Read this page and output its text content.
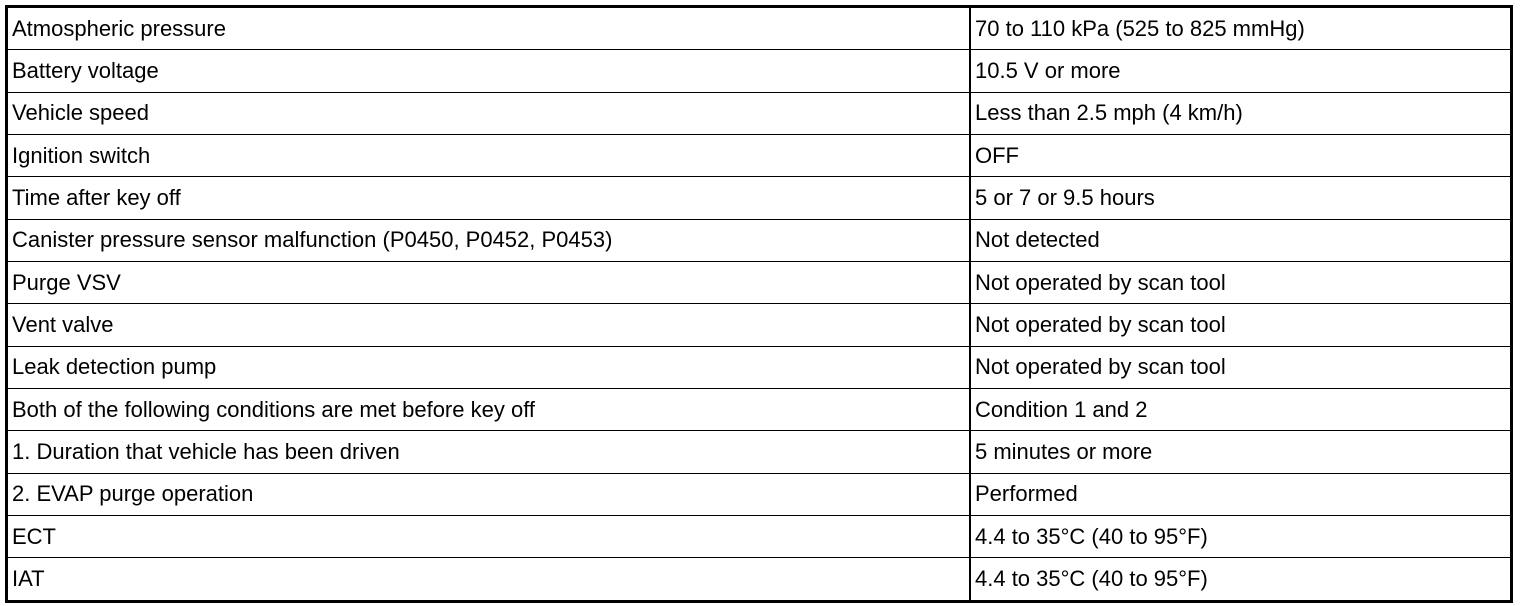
Atmospheric pressure	70 to 110 kPa (525 to 825 mmHg)
Battery voltage	10.5 V or more
Vehicle speed	Less than 2.5 mph (4 km/h)
Ignition switch	OFF
Time after key off	5 or 7 or 9.5 hours
Canister pressure sensor malfunction (P0450, P0452, P0453)	Not detected
Purge VSV	Not operated by scan tool
Vent valve	Not operated by scan tool
Leak detection pump	Not operated by scan tool
Both of the following conditions are met before key off	Condition 1 and 2
1. Duration that vehicle has been driven	5 minutes or more
2. EVAP purge operation	Performed
ECT	4.4 to 35°C (40 to 95°F)
IAT	4.4 to 35°C (40 to 95°F)
